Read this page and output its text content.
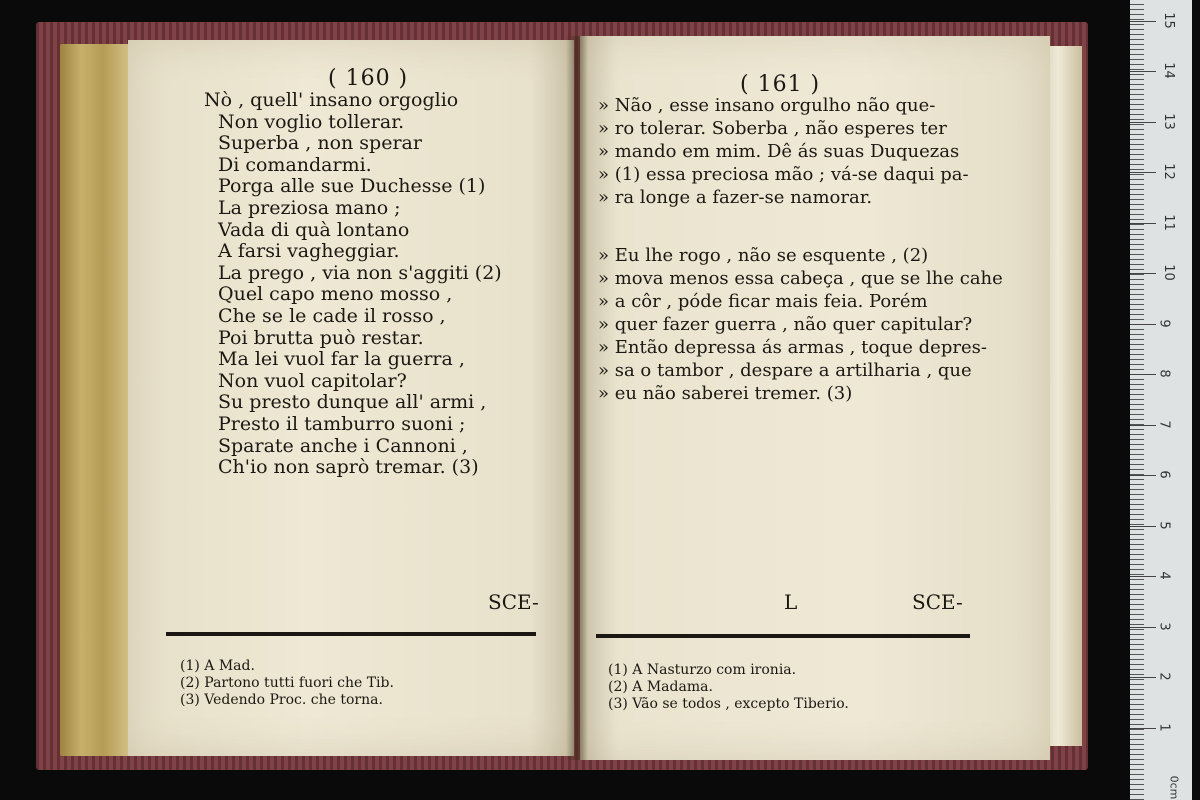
( 160 )
Nò , quell' insano orgoglio
Non voglio tollerar.
Superba , non sperar
Di comandarmi.
Porga alle sue Duchesse (1)
La preziosa mano ;
Vada di quà lontano
A farsi vagheggiar.
La prego , via non s'aggiti (2)
Quel capo meno mosso ,
Che se le cade il rosso ,
Poi brutta può restar.
Ma lei vuol far la guerra ,
Non vuol capitolar?
Su presto dunque all' armi ,
Presto il tamburro suoni ;
Sparate anche i Cannoni ,
Ch'io non saprò tremar. (3)
SCE-
(1) A Mad.
(2) Partono tutti fuori che Tib.
(3) Vedendo Proc. che torna.
( 161 )
» Não , esse insano orgulho não que-
» ro tolerar. Soberba , não esperes ter
» mando em mim. Dê ás suas Duquezas
» (1) essa preciosa mão ; vá-se daqui pa-
» ra longe a fazer-se namorar.
» Eu lhe rogo , não se esquente , (2)
» mova menos essa cabeça , que se lhe cahe
» a côr , póde ficar mais feia. Porém
» quer fazer guerra , não quer capitular?
» Então depressa ás armas , toque depres-
» sa o tambor , despare a artilharia , que
» eu não saberei tremer. (3)
L	SCE-
(1) A Nasturzo com ironia.
(2) A Madama.
(3) Vão se todos , excepto Tiberio.
0cm
1
2
3
4
5
6
7
8
9
10
11
12
13
14
15
